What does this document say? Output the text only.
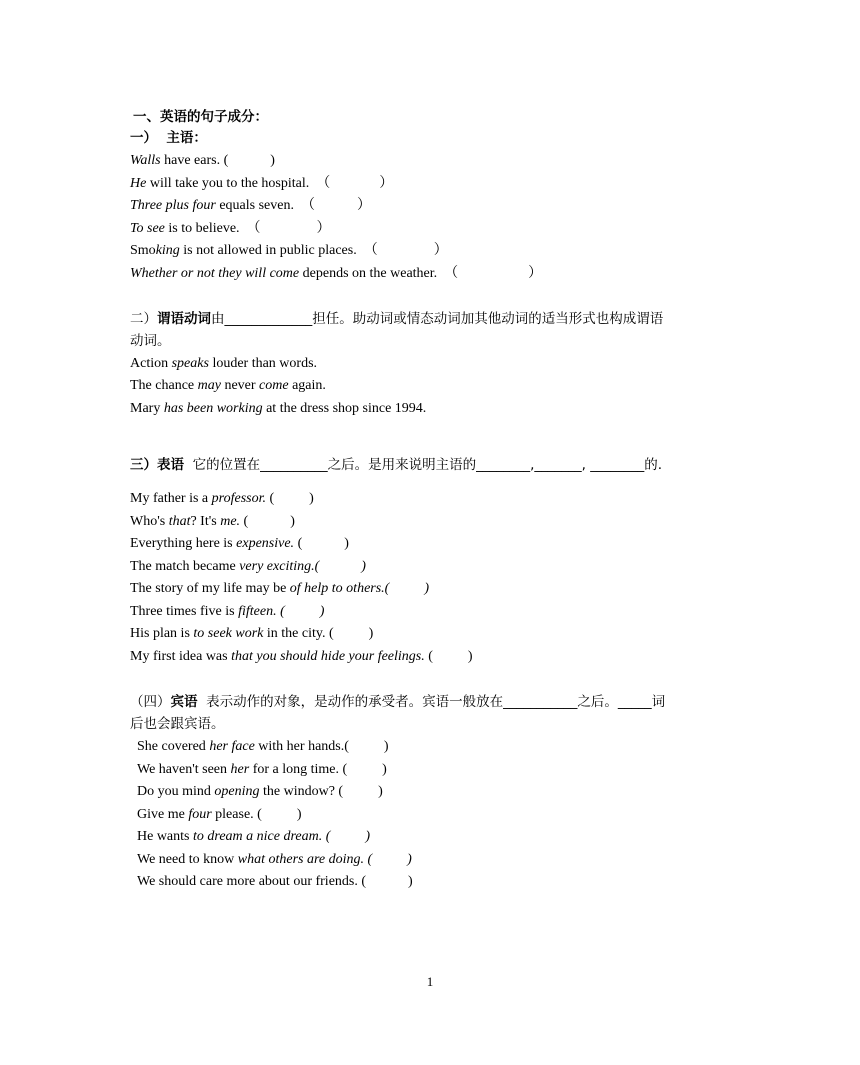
一、英语的句子成分：
一）  主语：
Walls have ears. (            )
He will take you to the hospital.  （              ）
Three plus four equals seven.  （            ）
To see is to believe.  （                ）
Smoking is not allowed in public places.  （                ）
Whether or not they will come depends on the weather.  （                    ）
二）谓语动词由_____________担任。助动词或情态动词加其他动词的适当形式也构成谓语
动词。
Action speaks louder than words.
The chance may never come again.
Mary has been working at the dress shop since 1994.
三）表语  它的位置在__________之后。是用来说明主语的________,_______, ________的.
My father is a professor. (          )
Who's that? It's me. (            )
Everything here is expensive. (            )
The match became very exciting.(            )
The story of my life may be of help to others.(          )
Three times five is fifteen. (          )
His plan is to seek work in the city. (          )
My first idea was that you should hide your feelings. (          )
（四）宾语  表示动作的对象，是动作的承受者。宾语一般放在___________之后。_____词
后也会跟宾语。
She covered her face with her hands.(          )
We haven't seen her for a long time. (          )
Do you mind opening the window? (          )
Give me four please. (          )
He wants to dream a nice dream. (          )
We need to know what others are doing. (          )
We should care more about our friends. (            )
1
